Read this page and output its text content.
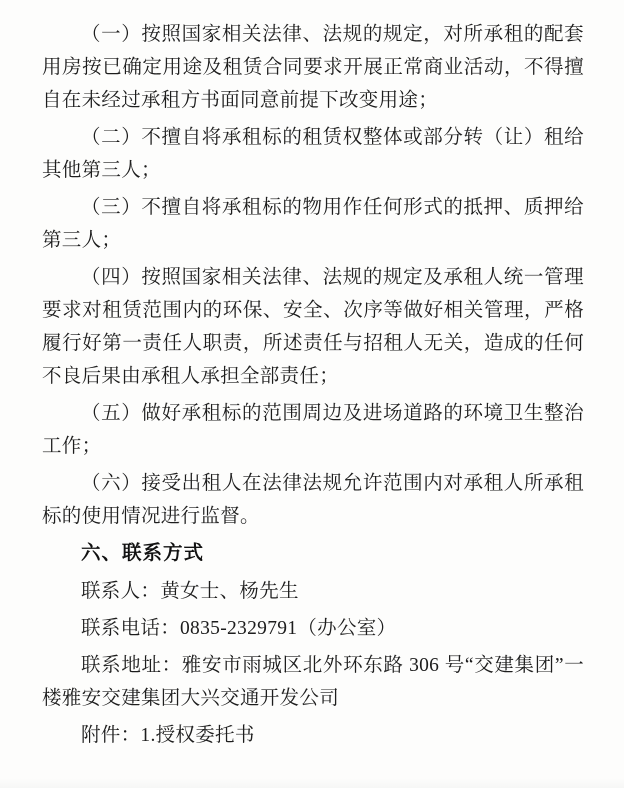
（一）按照国家相关法律、法规的规定，对所承租的配套用房按已确定用途及租赁合同要求开展正常商业活动，不得擅自在未经过承租方书面同意前提下改变用途；

（二）不擅自将承租标的租赁权整体或部分转（让）租给其他第三人；

（三）不擅自将承租标的物用作任何形式的抵押、质押给第三人；

（四）按照国家相关法律、法规的规定及承租人统一管理要求对租赁范围内的环保、安全、次序等做好相关管理，严格履行好第一责任人职责，所述责任与招租人无关，造成的任何不良后果由承租人承担全部责任；

（五）做好承租标的范围周边及进场道路的环境卫生整治工作；

（六）接受出租人在法律法规允许范围内对承租人所承租标的使用情况进行监督。

六、联系方式

联系人：黄女士、杨先生

联系电话：0835-2329791（办公室）

联系地址：雅安市雨城区北外环东路 306 号“交建集团”一楼雅安交建集团大兴交通开发公司

附件：1.授权委托书
